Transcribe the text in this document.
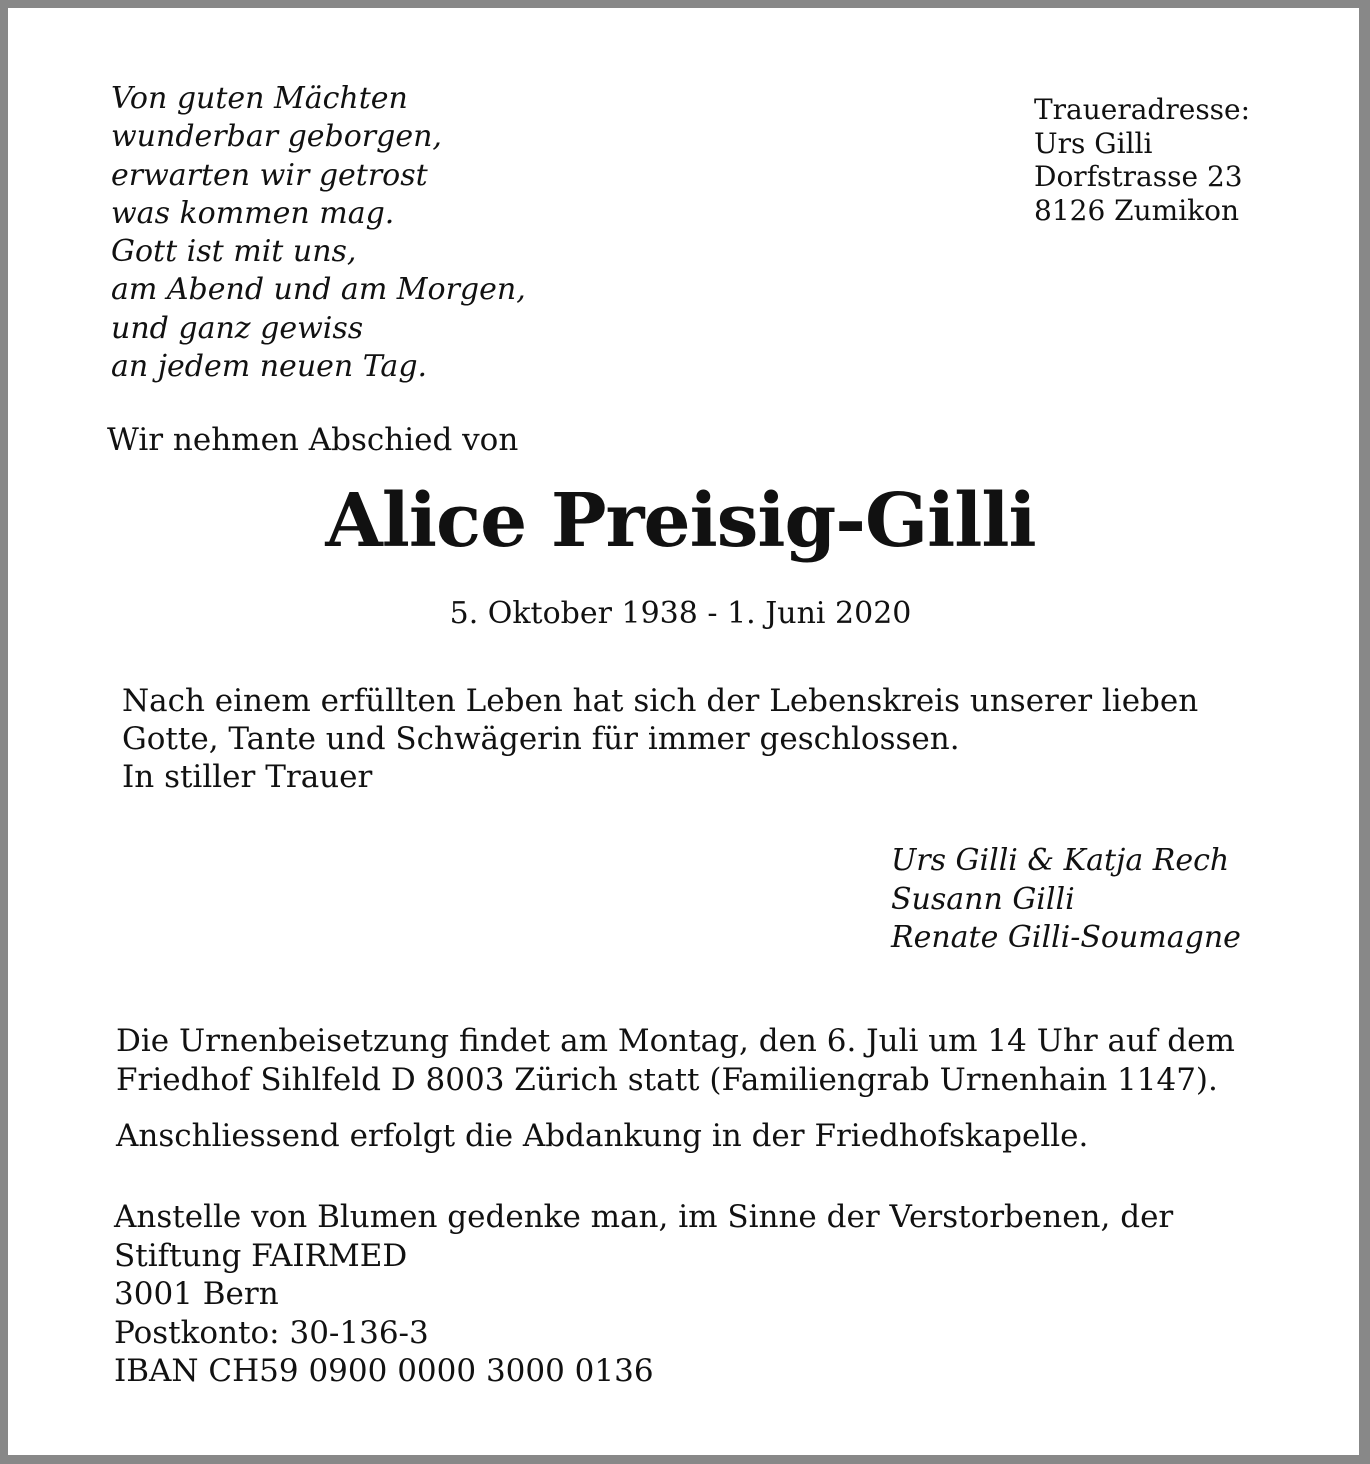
Von guten Mächten
wunderbar geborgen,
erwarten wir getrost
was kommen mag.
Gott ist mit uns,
am Abend und am Morgen,
und ganz gewiss
an jedem neuen Tag.
Traueradresse:
Urs Gilli
Dorfstrasse 23
8126 Zumikon
Wir nehmen Abschied von
Alice Preisig-Gilli
5. Oktober 1938 - 1. Juni 2020
Nach einem erfüllten Leben hat sich der Lebenskreis unserer lieben
Gotte, Tante und Schwägerin für immer geschlossen.
In stiller Trauer
Urs Gilli & Katja Rech
Susann Gilli
Renate Gilli-Soumagne
Die Urnenbeisetzung findet am Montag, den 6. Juli um 14 Uhr auf dem
Friedhof Sihlfeld D 8003 Zürich statt (Familiengrab Urnenhain 1147).
Anschliessend erfolgt die Abdankung in der Friedhofskapelle.
Anstelle von Blumen gedenke man, im Sinne der Verstorbenen, der
Stiftung FAIRMED
3001 Bern
Postkonto: 30-136-3
IBAN CH59 0900 0000 3000 0136
